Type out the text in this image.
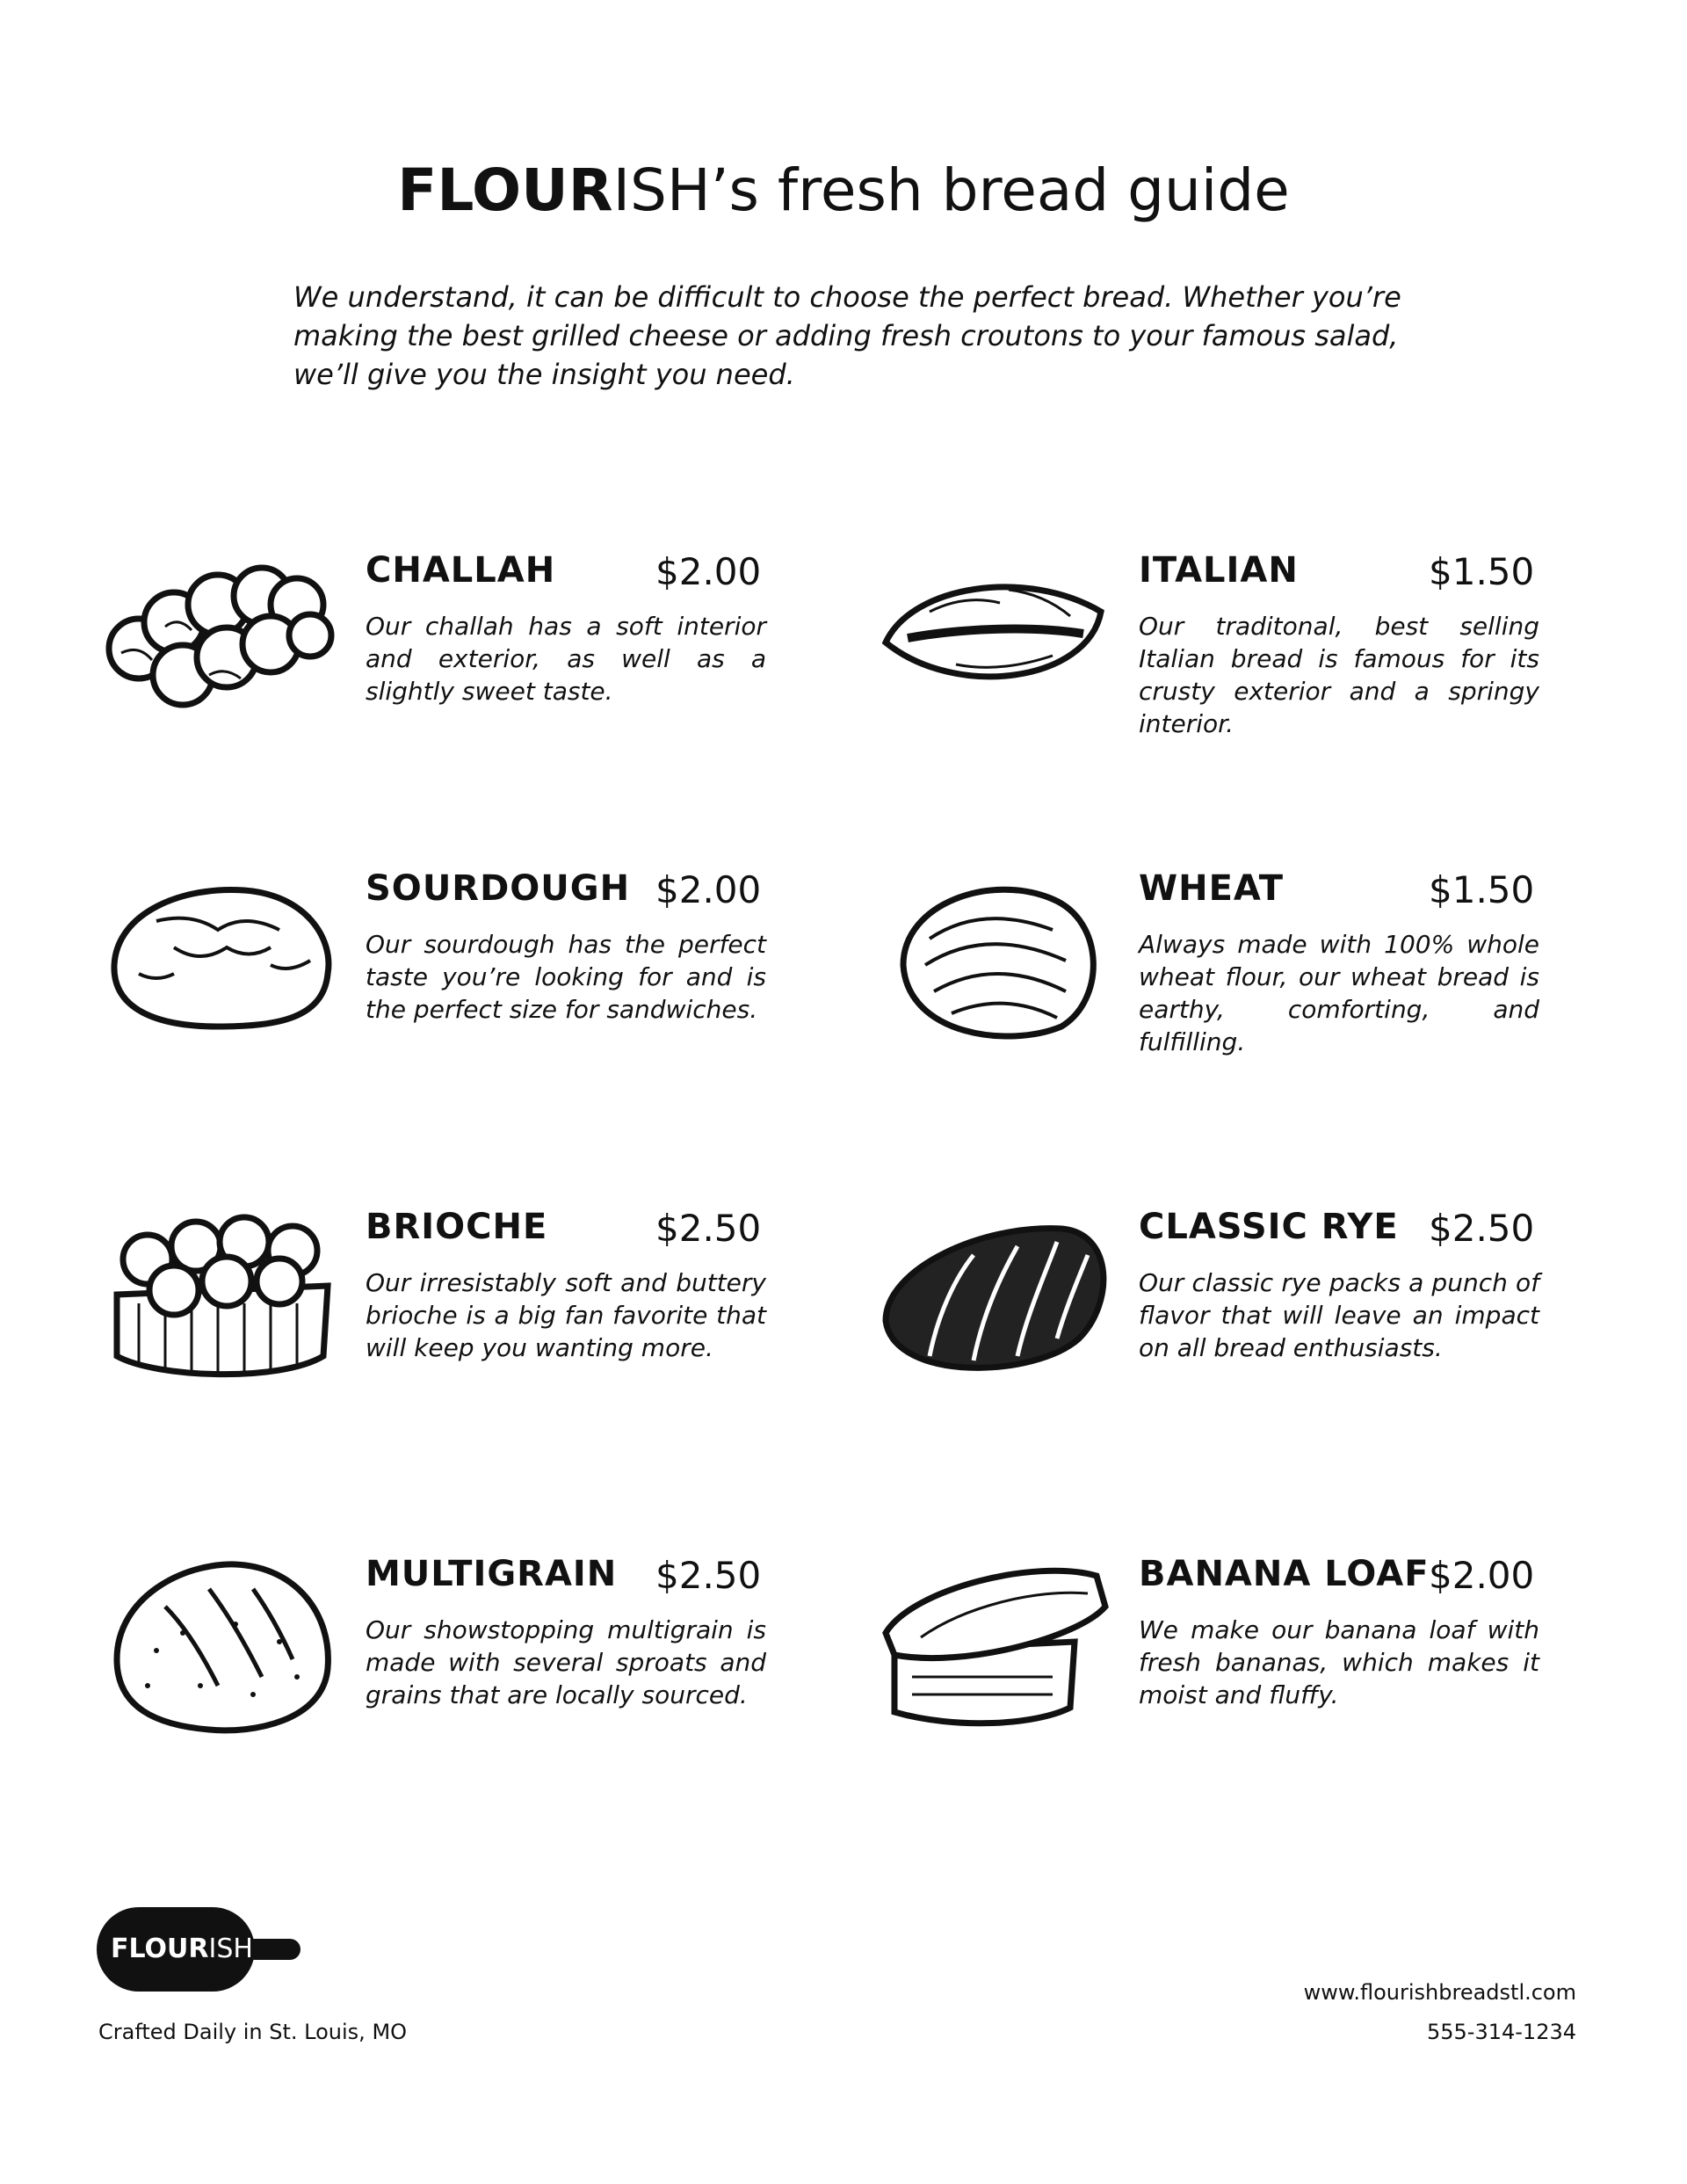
FLOURISH’s fresh bread guide
We understand, it can be difficult to choose the perfect bread. Whether you’re
making the best grilled cheese or adding fresh croutons to your famous salad,
we’ll give you the insight you need.
CHALLAH	$2.00
Our challah has a soft interior and exterior, as well as a slightly sweet taste.
ITALIAN	$1.50
Our traditonal, best selling Italian bread is famous for its crusty exterior and a springy interior.
SOURDOUGH $2.00
Our sourdough has the perfect taste you’re looking for and is the perfect size for sandwiches.
WHEAT	$1.50
Always made with 100% whole wheat flour, our wheat bread is earthy, comforting, and fulfilling.
BRIOCHE	$2.50
Our irresistably soft and buttery brioche is a big fan favorite that will keep you wanting more.
CLASSIC RYE $2.50
Our classic rye packs a punch of flavor that will leave an impact on all bread enthusiasts.
MULTIGRAIN $2.50
Our showstopping multigrain is made with several sproats and grains that are locally sourced.
BANANA LOAF $2.00
We make our banana loaf with fresh bananas, which makes it moist and fluffy.
FLOURISH
Crafted Daily in St. Louis, MO
www.flourishbreadstl.com
555-314-1234
